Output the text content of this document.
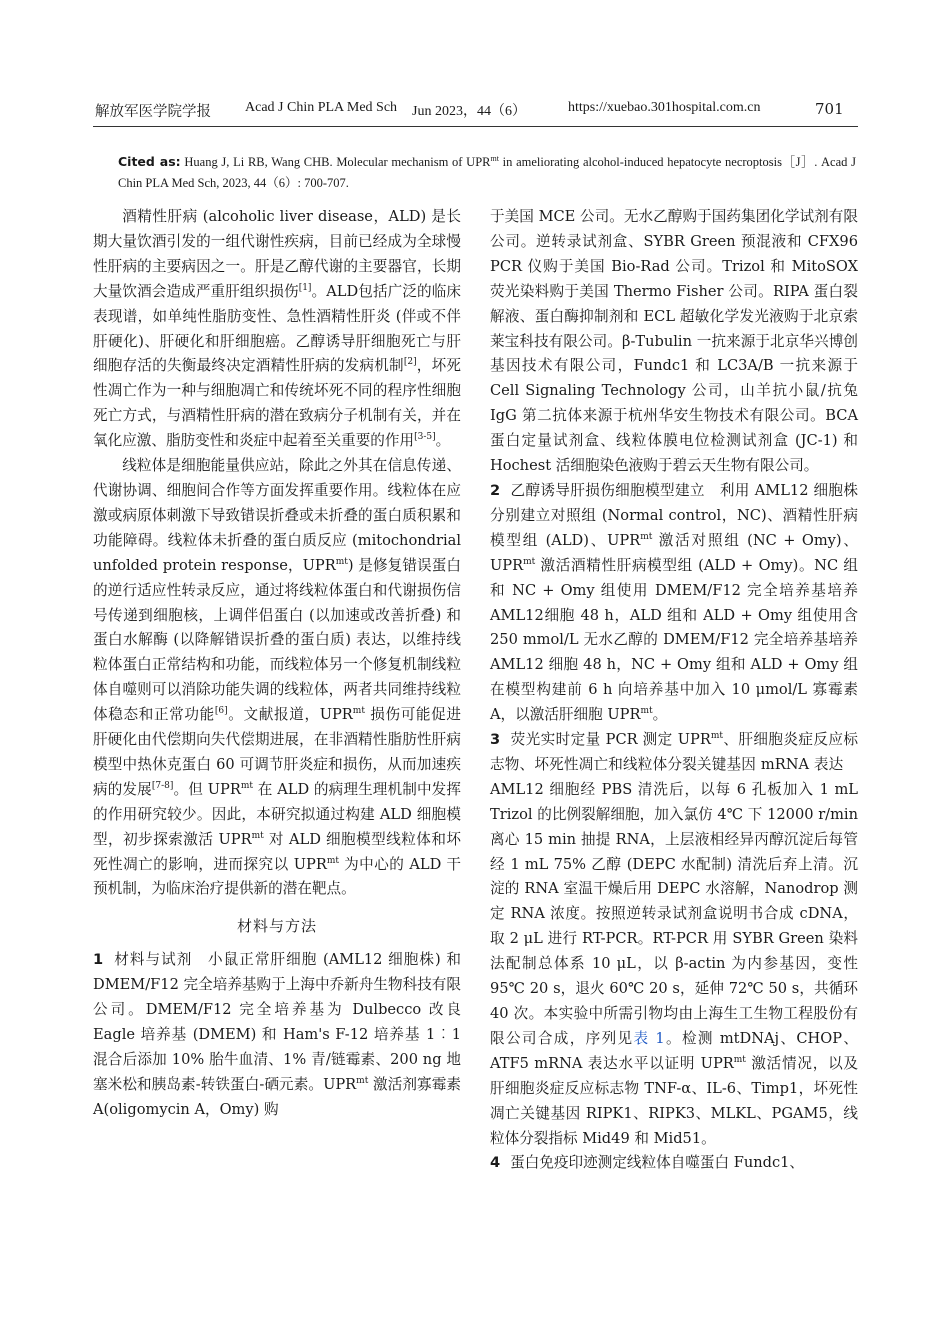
解放军医学院学报 Acad J Chin PLA Med Sch Jun 2023，44（6）	https://xuebao.301hospital.com.cn	701
Cited as: Huang J, Li RB, Wang CHB. Molecular mechanism of $UPR^{mt}$ in ameliorating alcohol-induced hepatocyte necroptosis［J］. Acad J Chin PLA Med Sch, 2023, 44（6）: 700-707.

酒精性肝病 (alcoholic liver disease，ALD) 是长期大量饮酒引发的一组代谢性疾病，目前已经成为全球慢性肝病的主要病因之一。肝是乙醇代谢的主要器官，长期大量饮酒会造成严重肝组织损伤[1]。ALD包括广泛的临床表现谱，如单纯性脂肪变性、急性酒精性肝炎 (伴或不伴肝硬化)、肝硬化和肝细胞癌。乙醇诱导肝细胞死亡与肝细胞存活的失衡最终决定酒精性肝病的发病机制[2]，坏死性凋亡作为一种与细胞凋亡和传统坏死不同的程序性细胞死亡方式，与酒精性肝病的潜在致病分子机制有关，并在氧化应激、脂肪变性和炎症中起着至关重要的作用[3-5]。

线粒体是细胞能量供应站，除此之外其在信息传递、代谢协调、细胞间合作等方面发挥重要作用。线粒体在应激或病原体刺激下导致错误折叠或未折叠的蛋白质积累和功能障碍。线粒体未折叠的蛋白质反应 (mitochondrial unfolded protein response，$UPR^{mt}$) 是修复错误蛋白的逆行适应性转录反应，通过将线粒体蛋白和代谢损伤信号传递到细胞核，上调伴侣蛋白 (以加速或改善折叠) 和蛋白水解酶 (以降解错误折叠的蛋白质) 表达，以维持线粒体蛋白正常结构和功能，而线粒体另一个修复机制线粒体自噬则可以消除功能失调的线粒体，两者共同维持线粒体稳态和正常功能[6]。文献报道，$UPR^{mt}$ 损伤可能促进肝硬化由代偿期向失代偿期进展，在非酒精性脂肪性肝病模型中热休克蛋白 60 可调节肝炎症和损伤，从而加速疾病的发展[7-8]。但 $UPR^{mt}$ 在 ALD 的病理生理机制中发挥的作用研究较少。因此，本研究拟通过构建 ALD 细胞模型，初步探索激活 $UPR^{mt}$ 对 ALD 细胞模型线粒体和坏死性凋亡的影响，进而探究以 $UPR^{mt}$ 为中心的 ALD 干预机制，为临床治疗提供新的潜在靶点。

材料与方法

1 材料与试剂　小鼠正常肝细胞 (AML12 细胞株) 和 DMEM/F12 完全培养基购于上海中乔新舟生物科技有限公司。DMEM/F12 完全培养基为 Dulbecco 改良 Eagle 培养基 (DMEM) 和 Ham's F-12 培养基 1︰1 混合后添加 10% 胎牛血清、1% 青/链霉素、200 ng 地塞米松和胰岛素-转铁蛋白-硒元素。$UPR^{mt}$ 激活剂寡霉素 A(oligomycin A，Omy) 购

于美国 MCE 公司。无水乙醇购于国药集团化学试剂有限公司。逆转录试剂盒、SYBR Green 预混液和 CFX96 PCR 仪购于美国 Bio-Rad 公司。Trizol 和 MitoSOX 荧光染料购于美国 Thermo Fisher 公司。RIPA 蛋白裂解液、蛋白酶抑制剂和 ECL 超敏化学发光液购于北京索莱宝科技有限公司。β-Tubulin 一抗来源于北京华兴博创基因技术有限公司，Fundc1 和 LC3A/B 一抗来源于 Cell Signaling Technology 公司，山羊抗小鼠/抗兔 IgG 第二抗体来源于杭州华安生物技术有限公司。BCA 蛋白定量试剂盒、线粒体膜电位检测试剂盒 (JC-1) 和 Hochest 活细胞染色液购于碧云天生物有限公司。

2 乙醇诱导肝损伤细胞模型建立　利用 AML12 细胞株分别建立对照组 (Normal control，NC)、酒精性肝病模型组 (ALD)、$UPR^{mt}$ 激活对照组 (NC + Omy)、$UPR^{mt}$ 激活酒精性肝病模型组 (ALD + Omy)。NC 组和 NC + Omy 组使用 DMEM/F12 完全培养基培养 AML12细胞 48 h，ALD 组和 ALD + Omy 组使用含 250 mmol/L 无水乙醇的 DMEM/F12 完全培养基培养 AML12 细胞 48 h，NC + Omy 组和 ALD + Omy 组在模型构建前 6 h 向培养基中加入 10 μmol/L 寡霉素 A，以激活肝细胞 $UPR^{mt}$。

3 荧光实时定量 PCR 测定 $UPR^{mt}$、肝细胞炎症反应标志物、坏死性凋亡和线粒体分裂关键基因 mRNA 表达　AML12 细胞经 PBS 清洗后，以每 6 孔板加入 1 mL Trizol 的比例裂解细胞，加入氯仿 4℃ 下 12000 r/min 离心 15 min 抽提 RNA，上层液相经异丙醇沉淀后每管经 1 mL 75% 乙醇 (DEPC 水配制) 清洗后弃上清。沉淀的 RNA 室温干燥后用 DEPC 水溶解，Nanodrop 测定 RNA 浓度。按照逆转录试剂盒说明书合成 cDNA，取 2 μL 进行 RT-PCR。RT-PCR 用 SYBR Green 染料法配制总体系 10 μL，以 β-actin 为内参基因，变性 95℃ 20 s，退火 60℃ 20 s，延伸 72℃ 50 s，共循环 40 次。本实验中所需引物均由上海生工生物工程股份有限公司合成，序列见表 1。检测 mtDNAj、CHOP、ATF5 mRNA 表达水平以证明 $UPR^{mt}$ 激活情况，以及肝细胞炎症反应标志物 TNF-α、IL-6、Timp1，坏死性凋亡关键基因 RIPK1、RIPK3、MLKL、PGAM5，线粒体分裂指标 Mid49 和 Mid51。

4 蛋白免疫印迹测定线粒体自噬蛋白 Fundc1、
